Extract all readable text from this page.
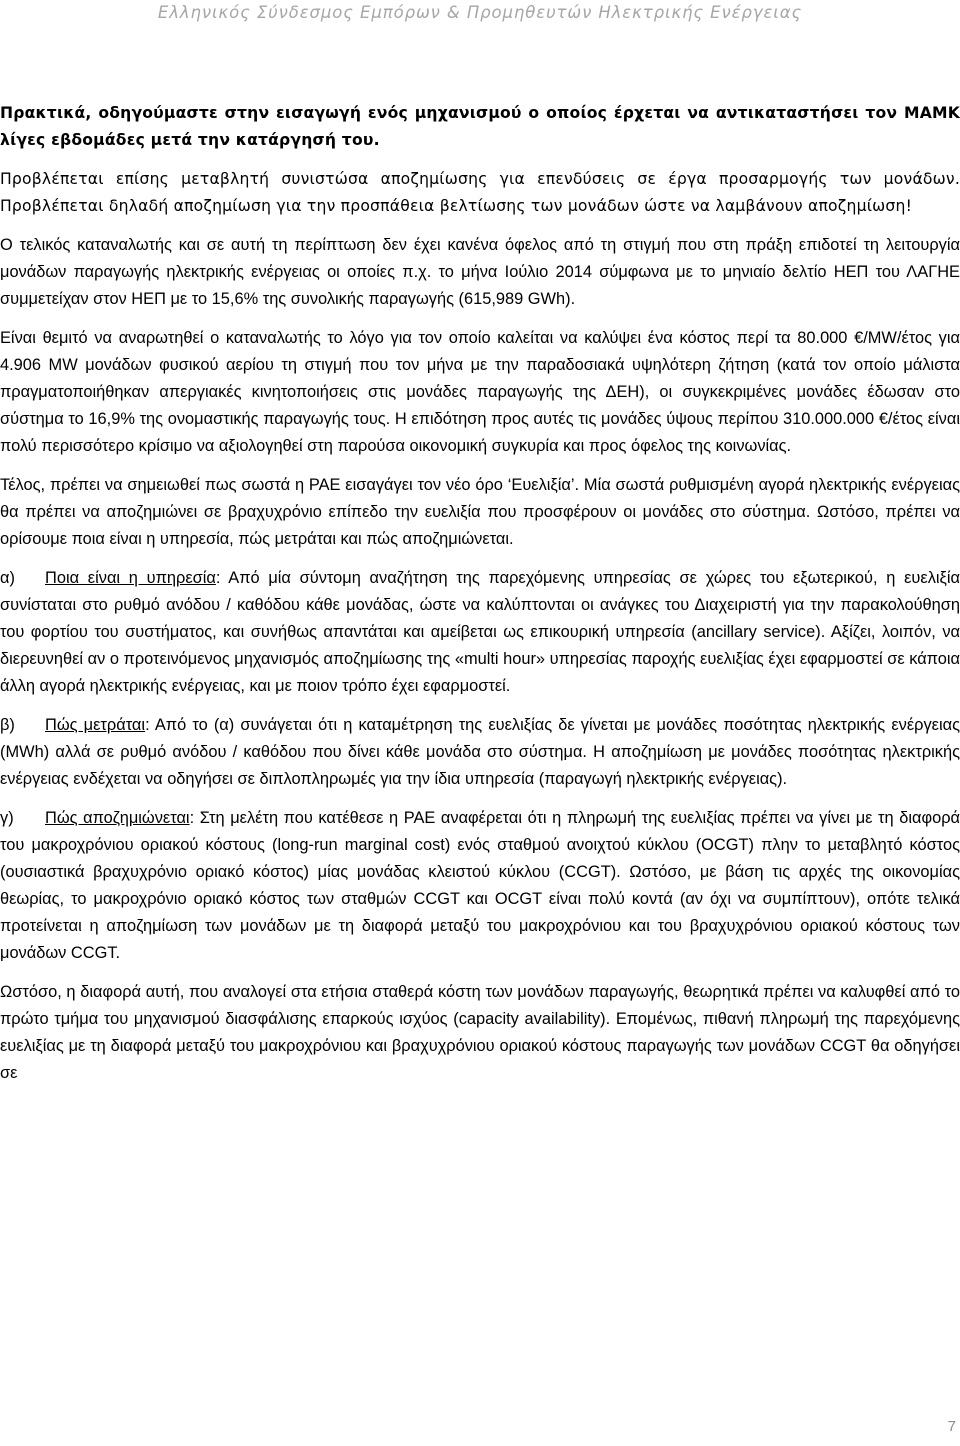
Ελληνικός Σύνδεσμος Εμπόρων & Προμηθευτών Ηλεκτρικής Ενέργειας

Πρακτικά, οδηγούμαστε στην εισαγωγή ενός μηχανισμού ο οποίος έρχεται να αντικαταστήσει τον ΜΑΜΚ λίγες εβδομάδες μετά την κατάργησή του.

Προβλέπεται επίσης μεταβλητή συνιστώσα αποζημίωσης για επενδύσεις σε έργα προσαρμογής των μονάδων. Προβλέπεται δηλαδή αποζημίωση για την προσπάθεια βελτίωσης των μονάδων ώστε να λαμβάνουν αποζημίωση!

Ο τελικός καταναλωτής και σε αυτή τη περίπτωση δεν έχει κανένα όφελος από τη στιγμή που στη πράξη επιδοτεί τη λειτουργία μονάδων παραγωγής ηλεκτρικής ενέργειας οι οποίες π.χ. το μήνα Ιούλιο 2014 σύμφωνα με το μηνιαίο δελτίο ΗΕΠ του ΛΑΓΗΕ συμμετείχαν στον ΗΕΠ με το 15,6% της συνολικής παραγωγής (615,989 GWh).

Είναι θεμιτό να αναρωτηθεί ο καταναλωτής το λόγο για τον οποίο καλείται να καλύψει ένα κόστος περί τα 80.000 €/MW/έτος για 4.906 MW μονάδων φυσικού αερίου τη στιγμή που τον μήνα με την παραδοσιακά υψηλότερη ζήτηση (κατά τον οποίο μάλιστα πραγματοποιήθηκαν απεργιακές κινητοποιήσεις στις μονάδες παραγωγής της ΔΕΗ), οι συγκεκριμένες μονάδες έδωσαν στο σύστημα το 16,9% της ονομαστικής παραγωγής τους. Η επιδότηση προς αυτές τις μονάδες ύψους περίπου 310.000.000 €/έτος είναι πολύ περισσότερο κρίσιμο να αξιολογηθεί στη παρούσα οικονομική συγκυρία και προς όφελος της κοινωνίας.

Τέλος, πρέπει να σημειωθεί πως σωστά η ΡΑΕ εισαγάγει τον νέο όρο ‘Ευελιξία’. Μία σωστά ρυθμισμένη αγορά ηλεκτρικής ενέργειας θα πρέπει να αποζημιώνει σε βραχυχρόνιο επίπεδο την ευελιξία που προσφέρουν οι μονάδες στο σύστημα. Ωστόσο, πρέπει να ορίσουμε ποια είναι η υπηρεσία, πώς μετράται και πώς αποζημιώνεται.

α) Ποια είναι η υπηρεσία: Από μία σύντομη αναζήτηση της παρεχόμενης υπηρεσίας σε χώρες του εξωτερικού, η ευελιξία συνίσταται στο ρυθμό ανόδου / καθόδου κάθε μονάδας, ώστε να καλύπτονται οι ανάγκες του Διαχειριστή για την παρακολούθηση του φορτίου του συστήματος, και συνήθως απαντάται και αμείβεται ως επικουρική υπηρεσία (ancillary service). Αξίζει, λοιπόν, να διερευνηθεί αν ο προτεινόμενος μηχανισμός αποζημίωσης της «multi hour» υπηρεσίας παροχής ευελιξίας έχει εφαρμοστεί σε κάποια άλλη αγορά ηλεκτρικής ενέργειας, και με ποιον τρόπο έχει εφαρμοστεί.

β) Πώς μετράται: Από το (α) συνάγεται ότι η καταμέτρηση της ευελιξίας δε γίνεται με μονάδες ποσότητας ηλεκτρικής ενέργειας (MWh) αλλά σε ρυθμό ανόδου / καθόδου που δίνει κάθε μονάδα στο σύστημα. Η αποζημίωση με μονάδες ποσότητας ηλεκτρικής ενέργειας ενδέχεται να οδηγήσει σε διπλοπληρωμές για την ίδια υπηρεσία (παραγωγή ηλεκτρικής ενέργειας).

γ) Πώς αποζημιώνεται: Στη μελέτη που κατέθεσε η ΡΑΕ αναφέρεται ότι η πληρωμή της ευελιξίας πρέπει να γίνει με τη διαφορά του μακροχρόνιου οριακού κόστους (long-run marginal cost) ενός σταθμού ανοιχτού κύκλου (OCGT) πλην το μεταβλητό κόστος (ουσιαστικά βραχυχρόνιο οριακό κόστος) μίας μονάδας κλειστού κύκλου (CCGT). Ωστόσο, με βάση τις αρχές της οικονομίας θεωρίας, το μακροχρόνιο οριακό κόστος των σταθμών CCGT και OCGT είναι πολύ κοντά (αν όχι να συμπίπτουν), οπότε τελικά προτείνεται η αποζημίωση των μονάδων με τη διαφορά μεταξύ του μακροχρόνιου και του βραχυχρόνιου οριακού κόστους των μονάδων CCGT.

Ωστόσο, η διαφορά αυτή, που αναλογεί στα ετήσια σταθερά κόστη των μονάδων παραγωγής, θεωρητικά πρέπει να καλυφθεί από το πρώτο τμήμα του μηχανισμού διασφάλισης επαρκούς ισχύος (capacity availability). Επομένως, πιθανή πληρωμή της παρεχόμενης ευελιξίας με τη διαφορά μεταξύ του μακροχρόνιου και βραχυχρόνιου οριακού κόστους παραγωγής των μονάδων CCGT θα οδηγήσει σε

7
